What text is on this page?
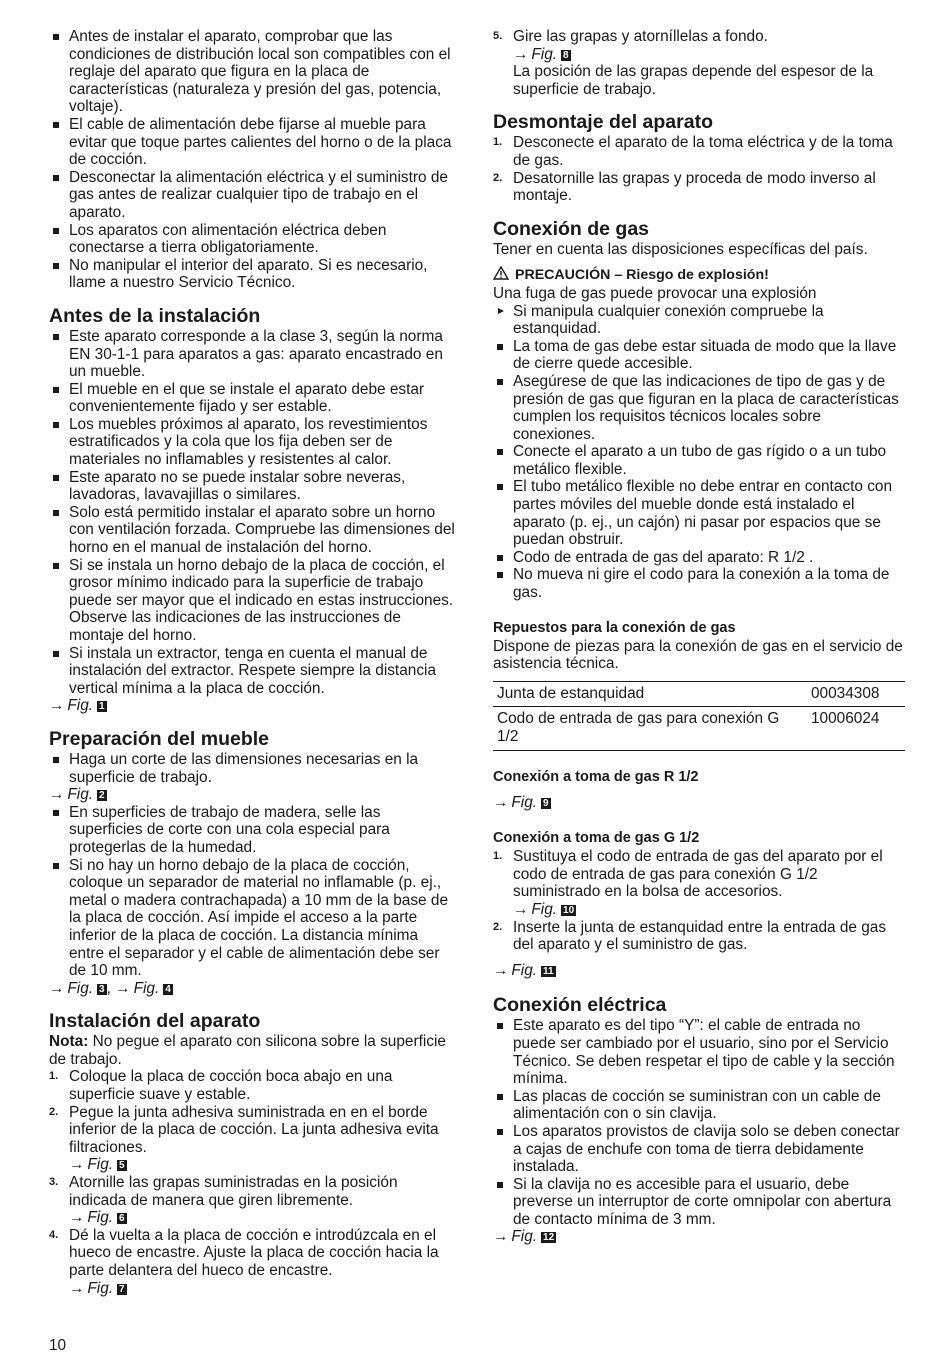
Antes de instalar el aparato, comprobar que las condiciones de distribución local son compatibles con el reglaje del aparato que figura en la placa de características (naturaleza y presión del gas, potencia, voltaje).
El cable de alimentación debe fijarse al mueble para evitar que toque partes calientes del horno o de la placa de cocción.
Desconectar la alimentación eléctrica y el suministro de gas antes de realizar cualquier tipo de trabajo en el aparato.
Los aparatos con alimentación eléctrica deben conectarse a tierra obligatoriamente.
No manipular el interior del aparato. Si es necesario, llame a nuestro Servicio Técnico.
Antes de la instalación
Este aparato corresponde a la clase 3, según la norma EN 30-1-1 para aparatos a gas: aparato encastrado en un mueble.
El mueble en el que se instale el aparato debe estar convenientemente fijado y ser estable.
Los muebles próximos al aparato, los revestimientos estratificados y la cola que los fija deben ser de materiales no inflamables y resistentes al calor.
Este aparato no se puede instalar sobre neveras, lavadoras, lavavajillas o similares.
Solo está permitido instalar el aparato sobre un horno con ventilación forzada. Compruebe las dimensiones del horno en el manual de instalación del horno.
Si se instala un horno debajo de la placa de cocción, el grosor mínimo indicado para la superficie de trabajo puede ser mayor que el indicado en estas instrucciones. Observe las indicaciones de las instrucciones de montaje del horno.
Si instala un extractor, tenga en cuenta el manual de instalación del extractor. Respete siempre la distancia vertical mínima a la placa de cocción.
→ Fig. 1
Preparación del mueble
Haga un corte de las dimensiones necesarias en la superficie de trabajo.
→ Fig. 2
En superficies de trabajo de madera, selle las superficies de corte con una cola especial para protegerlas de la humedad.
Si no hay un horno debajo de la placa de cocción, coloque un separador de material no inflamable (p. ej., metal o madera contrachapada) a 10 mm de la base de la placa de cocción. Así impide el acceso a la parte inferior de la placa de cocción. La distancia mínima entre el separador y el cable de alimentación debe ser de 10 mm.
→ Fig. 3 , → Fig. 4
Instalación del aparato
Nota: No pegue el aparato con silicona sobre la superficie de trabajo.
Coloque la placa de cocción boca abajo en una superficie suave y estable.
Pegue la junta adhesiva suministrada en en el borde inferior de la placa de cocción. La junta adhesiva evita filtraciones.
→ Fig. 5
Atornille las grapas suministradas en la posición indicada de manera que giren libremente.
→ Fig. 6
Dé la vuelta a la placa de cocción e introdúzcala en el hueco de encastre. Ajuste la placa de cocción hacia la parte delantera del hueco de encastre.
→ Fig. 7
Gire las grapas y atorníllelas a fondo.
→ Fig. 8
La posición de las grapas depende del espesor de la superficie de trabajo.
Desmontaje del aparato
Desconecte el aparato de la toma eléctrica y de la toma de gas.
Desatornille las grapas y proceda de modo inverso al montaje.
Conexión de gas
Tener en cuenta las disposiciones específicas del país.
PRECAUCIÓN – Riesgo de explosión!
Una fuga de gas puede provocar una explosión
Si manipula cualquier conexión compruebe la estanquidad.
La toma de gas debe estar situada de modo que la llave de cierre quede accesible.
Asegúrese de que las indicaciones de tipo de gas y de presión de gas que figuran en la placa de características cumplen los requisitos técnicos locales sobre conexiones.
Conecte el aparato a un tubo de gas rígido o a un tubo metálico flexible.
El tubo metálico flexible no debe entrar en contacto con partes móviles del mueble donde está instalado el aparato (p. ej., un cajón) ni pasar por espacios que se puedan obstruir.
Codo de entrada de gas del aparato: R 1/2 .
No mueva ni gire el codo para la conexión a la toma de gas.
Repuestos para la conexión de gas
Dispone de piezas para la conexión de gas en el servicio de asistencia técnica.
Junta de estanquidad	00034308
Codo de entrada de gas para conexión G 1/2	10006024
Conexión a toma de gas R 1/2
→ Fig. 9
Conexión a toma de gas G 1/2
Sustituya el codo de entrada de gas del aparato por el codo de entrada de gas para conexión G 1/2 suministrado en la bolsa de accesorios.
→ Fig. 10
Inserte la junta de estanquidad entre la entrada de gas del aparato y el suministro de gas.
→ Fig. 11
Conexión eléctrica
Este aparato es del tipo “Y”: el cable de entrada no puede ser cambiado por el usuario, sino por el Servicio Técnico. Se deben respetar el tipo de cable y la sección mínima.
Las placas de cocción se suministran con un cable de alimentación con o sin clavija.
Los aparatos provistos de clavija solo se deben conectar a cajas de enchufe con toma de tierra debidamente instalada.
Si la clavija no es accesible para el usuario, debe preverse un interruptor de corte omnipolar con abertura de contacto mínima de 3 mm.
→ Fig. 12
10
